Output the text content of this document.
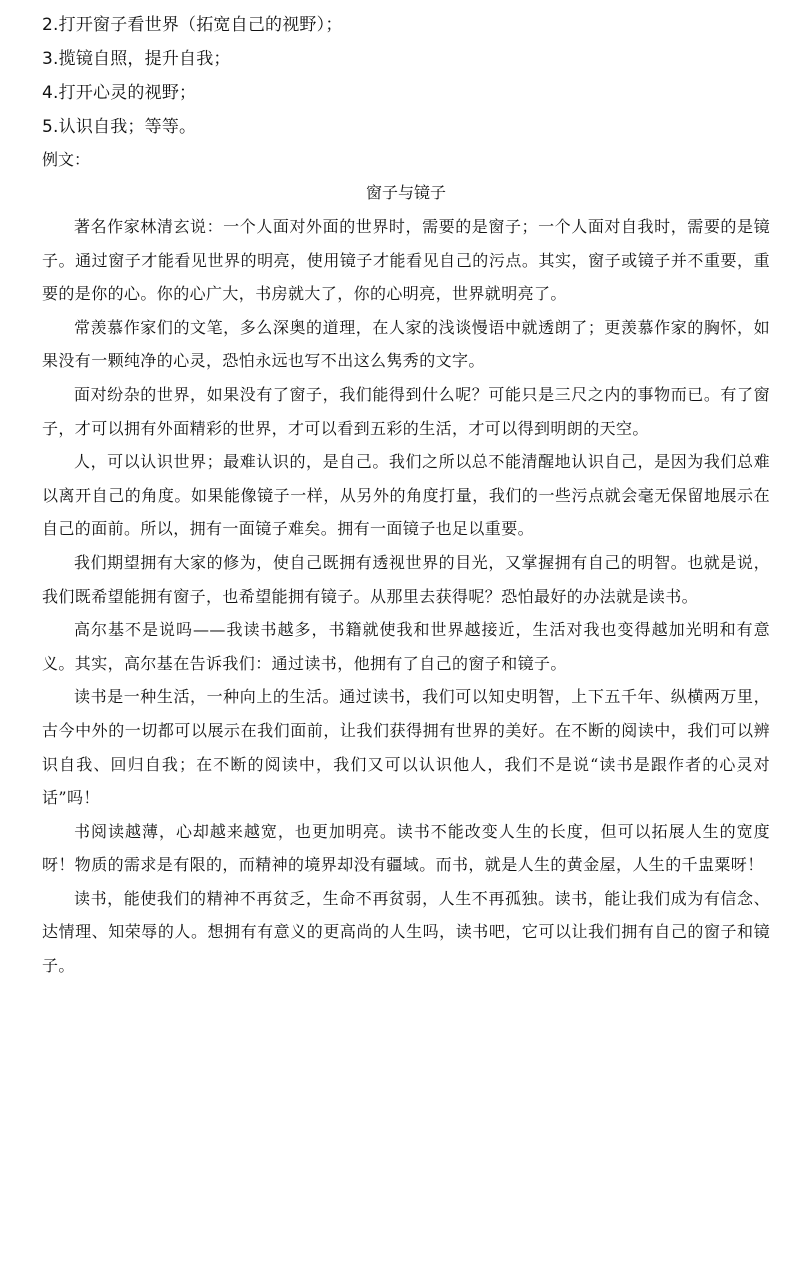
2.打开窗子看世界（拓宽自己的视野）；
3.揽镜自照，提升自我；
4.打开心灵的视野；
5.认识自我；等等。
例文：
窗子与镜子

著名作家林清玄说：一个人面对外面的世界时，需要的是窗子；一个人面对自我时，需要的是镜子。通过窗子才能看见世界的明亮，使用镜子才能看见自己的污点。其实，窗子或镜子并不重要，重要的是你的心。你的心广大，书房就大了，你的心明亮，世界就明亮了。

常羡慕作家们的文笔，多么深奥的道理，在人家的浅谈慢语中就透朗了；更羡慕作家的胸怀，如果没有一颗纯净的心灵，恐怕永远也写不出这么隽秀的文字。

面对纷杂的世界，如果没有了窗子，我们能得到什么呢？可能只是三尺之内的事物而已。有了窗子，才可以拥有外面精彩的世界，才可以看到五彩的生活，才可以得到明朗的天空。

人，可以认识世界；最难认识的，是自己。我们之所以总不能清醒地认识自己，是因为我们总难以离开自己的角度。如果能像镜子一样，从另外的角度打量，我们的一些污点就会毫无保留地展示在自己的面前。所以，拥有一面镜子难矣。拥有一面镜子也足以重要。

我们期望拥有大家的修为，使自己既拥有透视世界的目光，又掌握拥有自己的明智。也就是说，我们既希望能拥有窗子，也希望能拥有镜子。从那里去获得呢？恐怕最好的办法就是读书。

高尔基不是说吗——我读书越多，书籍就使我和世界越接近，生活对我也变得越加光明和有意义。其实，高尔基在告诉我们：通过读书，他拥有了自己的窗子和镜子。

读书是一种生活，一种向上的生活。通过读书，我们可以知史明智，上下五千年、纵横两万里，古今中外的一切都可以展示在我们面前，让我们获得拥有世界的美好。在不断的阅读中，我们可以辨识自我、回归自我；在不断的阅读中，我们又可以认识他人，我们不是说“读书是跟作者的心灵对话”吗！

书阅读越薄，心却越来越宽，也更加明亮。读书不能改变人生的长度，但可以拓展人生的宽度呀！物质的需求是有限的，而精神的境界却没有疆域。而书，就是人生的黄金屋，人生的千盅粟呀！

读书，能使我们的精神不再贫乏，生命不再贫弱，人生不再孤独。读书，能让我们成为有信念、达情理、知荣辱的人。想拥有有意义的更高尚的人生吗，读书吧，它可以让我们拥有自己的窗子和镜子。
